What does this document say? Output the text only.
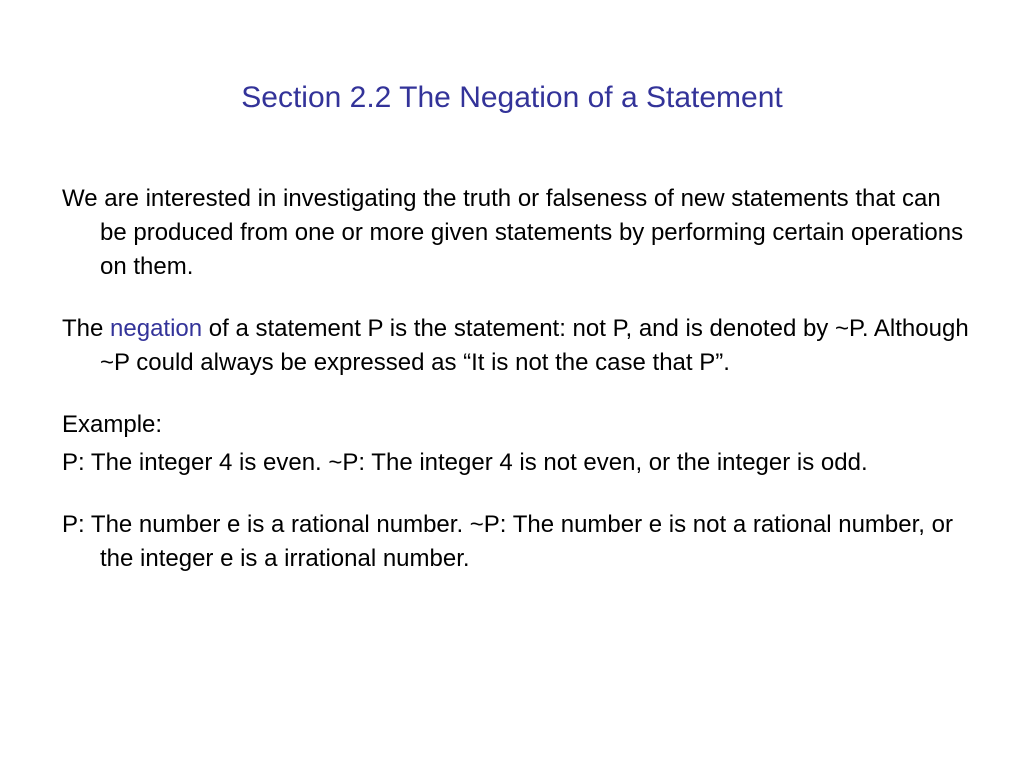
Section 2.2 The Negation of a Statement

We are interested in investigating the truth or falseness of new statements that can be produced from one or more given statements by performing certain operations on them.

The negation of a statement P is the statement: not P, and is denoted by ~P. Although ~P could always be expressed as “It is not the case that P”.

Example:

P: The integer 4 is even. ~P: The integer 4 is not even, or the integer is odd.

P: The number e is a rational number. ~P: The number e is not a rational number, or the integer e is a irrational number.
